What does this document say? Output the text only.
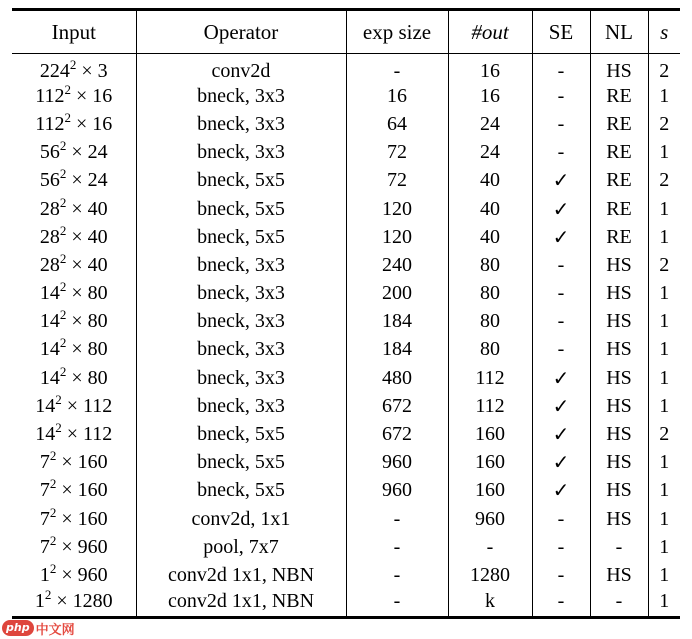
Input	Operator	exp size	#out	SE	NL	s
$224^2 \times 3$	conv2d	-	16	-	HS	2
$112^2 \times 16$	bneck, 3x3	16	16	-	RE	1
$112^2 \times 16$	bneck, 3x3	64	24	-	RE	2
$56^2 \times 24$	bneck, 3x3	72	24	-	RE	1
$56^2 \times 24$	bneck, 5x5	72	40	✓	RE	2
$28^2 \times 40$	bneck, 5x5	120	40	✓	RE	1
$28^2 \times 40$	bneck, 5x5	120	40	✓	RE	1
$28^2 \times 40$	bneck, 3x3	240	80	-	HS	2
$14^2 \times 80$	bneck, 3x3	200	80	-	HS	1
$14^2 \times 80$	bneck, 3x3	184	80	-	HS	1
$14^2 \times 80$	bneck, 3x3	184	80	-	HS	1
$14^2 \times 80$	bneck, 3x3	480	112	✓	HS	1
$14^2 \times 112$	bneck, 3x3	672	112	✓	HS	1
$14^2 \times 112$	bneck, 5x5	672	160	✓	HS	2
$7^2 \times 160$	bneck, 5x5	960	160	✓	HS	1
$7^2 \times 160$	bneck, 5x5	960	160	✓	HS	1
$7^2 \times 160$	conv2d, 1x1	-	960	-	HS	1
$7^2 \times 960$	pool, 7x7	-	-	-	-	1
$1^2 \times 960$	conv2d 1x1, NBN	-	1280	-	HS	1
$1^2 \times 1280$	conv2d 1x1, NBN	-	k	-	-	1
php 中文网
